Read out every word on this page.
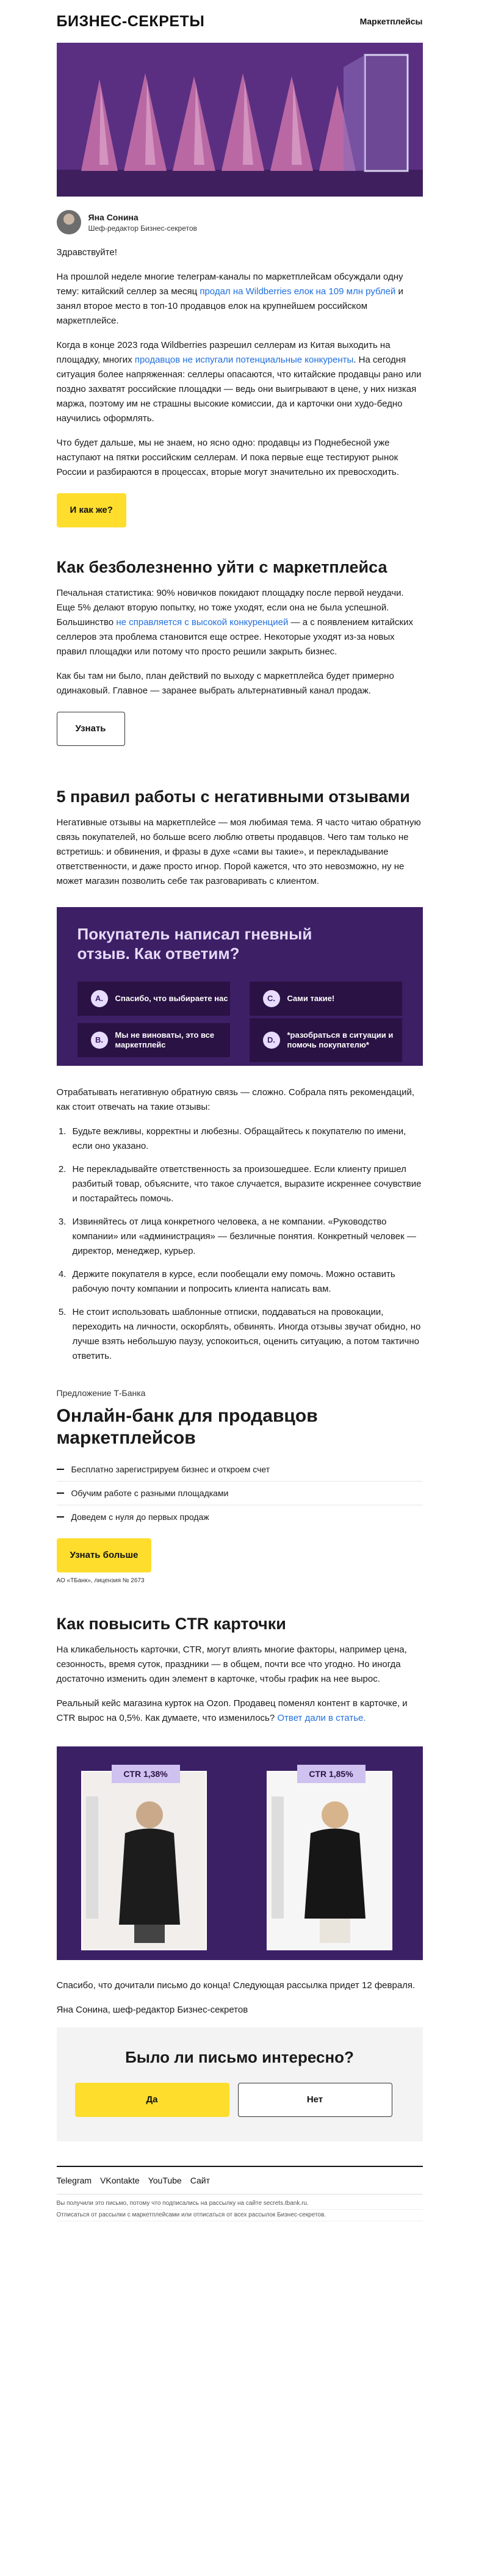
БИЗНЕС-СЕКРЕТЫ	Маркетплейсы
Яна Сонина
Шеф-редактор Бизнес-секретов

Здравствуйте!

На прошлой неделе многие телеграм-каналы по маркетплейсам обсуждали одну тему: китайский селлер за месяц продал на Wildberries елок на 109 млн рублей и занял второе место в топ-10 продавцов елок на крупнейшем российском маркетплейсе.

Когда в конце 2023 года Wildberries разрешил селлерам из Китая выходить на площадку, многих продавцов не испугали потенциальные конкуренты. На сегодня ситуация более напряженная: селлеры опасаются, что китайские продавцы рано или поздно захватят российские площадки — ведь они выигрывают в цене, у них низкая маржа, поэтому им не страшны высокие комиссии, да и карточки они худо-бедно научились оформлять.

Что будет дальше, мы не знаем, но ясно одно: продавцы из Поднебесной уже наступают на пятки российским селлерам. И пока первые еще тестируют рынок России и разбираются в процессах, вторые могут значительно их превосходить.

И как же?
Как безболезненно уйти с маркетплейса

Печальная статистика: 90% новичков покидают площадку после первой неудачи. Еще 5% делают вторую попытку, но тоже уходят, если она не была успешной. Большинство не справляется с высокой конкуренцией — а с появлением китайских селлеров эта проблема становится еще острее. Некоторые уходят из-за новых правил площадки или потому что просто решили закрыть бизнес.

Как бы там ни было, план действий по выходу с маркетплейса будет примерно одинаковый. Главное — заранее выбрать альтернативный канал продаж.

Узнать
5 правил работы с негативными отзывами

Негативные отзывы на маркетплейсе — моя любимая тема. Я часто читаю обратную связь покупателей, но больше всего люблю ответы продавцов. Чего там только не встретишь: и обвинения, и фразы в духе «сами вы такие», и перекладывание ответственности, и даже просто игнор. Порой кажется, что это невозможно, ну не может магазин позволить себе так разговаривать с клиентом.

Покупатель написал гневный отзыв. Как ответим?
A.	Спасибо, что выбираете нас	C.	Сами такие!
B.
Мы не виноваты, это все маркетплейс
D.
*разобраться в ситуации и помочь покупателю*

Отрабатывать негативную обратную связь — сложно. Собрала пять рекомендаций, как стоит отвечать на такие отзывы:

1. Будьте вежливы, корректны и любезны. Обращайтесь к покупателю по имени, если оно указано.
2. Не перекладывайте ответственность за произошедшее. Если клиенту пришел разбитый товар, объясните, что такое случается, выразите искреннее сочувствие и постарайтесь помочь.
3. Извиняйтесь от лица конкретного человека, а не компании. «Руководство компании» или «администрация» — безличные понятия. Конкретный человек — директор, менеджер, курьер.
4. Держите покупателя в курсе, если пообещали ему помочь. Можно оставить рабочую почту компании и попросить клиента написать вам.
5. Не стоит использовать шаблонные отписки, поддаваться на провокации, переходить на личности, оскорблять, обвинять. Иногда отзывы звучат обидно, но лучше взять небольшую паузу, успокоиться, оценить ситуацию, а потом тактично ответить.
Предложение Т-Банка
Онлайн-банк для продавцов маркетплейсов
Бесплатно зарегистрируем бизнес и откроем счет
Обучим работе с разными площадками
Доведем с нуля до первых продаж
Узнать больше
АО «ТБанк», лицензия № 2673
Как повысить CTR карточки

На кликабельность карточки, CTR, могут влиять многие факторы, например цена, сезонность, время суток, праздники — в общем, почти все что угодно. Но иногда достаточно изменить один элемент в карточке, чтобы график на нее вырос.

Реальный кейс магазина курток на Ozon. Продавец поменял контент в карточке, и CTR вырос на 0,5%. Как думаете, что изменилось? Ответ дали в статье.

CTR 1,38%	CTR 1,85%

Спасибо, что дочитали письмо до конца! Следующая рассылка придет 12 февраля.

Яна Сонина, шеф-редактор Бизнес-секретов

Было ли письмо интересно?
Да	Нет
Telegram VKontakte YouTube Сайт
Вы получили это письмо, потому что подписались на рассылку на сайте secrets.tbank.ru.
Отписаться от рассылки с маркетплейсами или отписаться от всех рассылок Бизнес-секретов.
